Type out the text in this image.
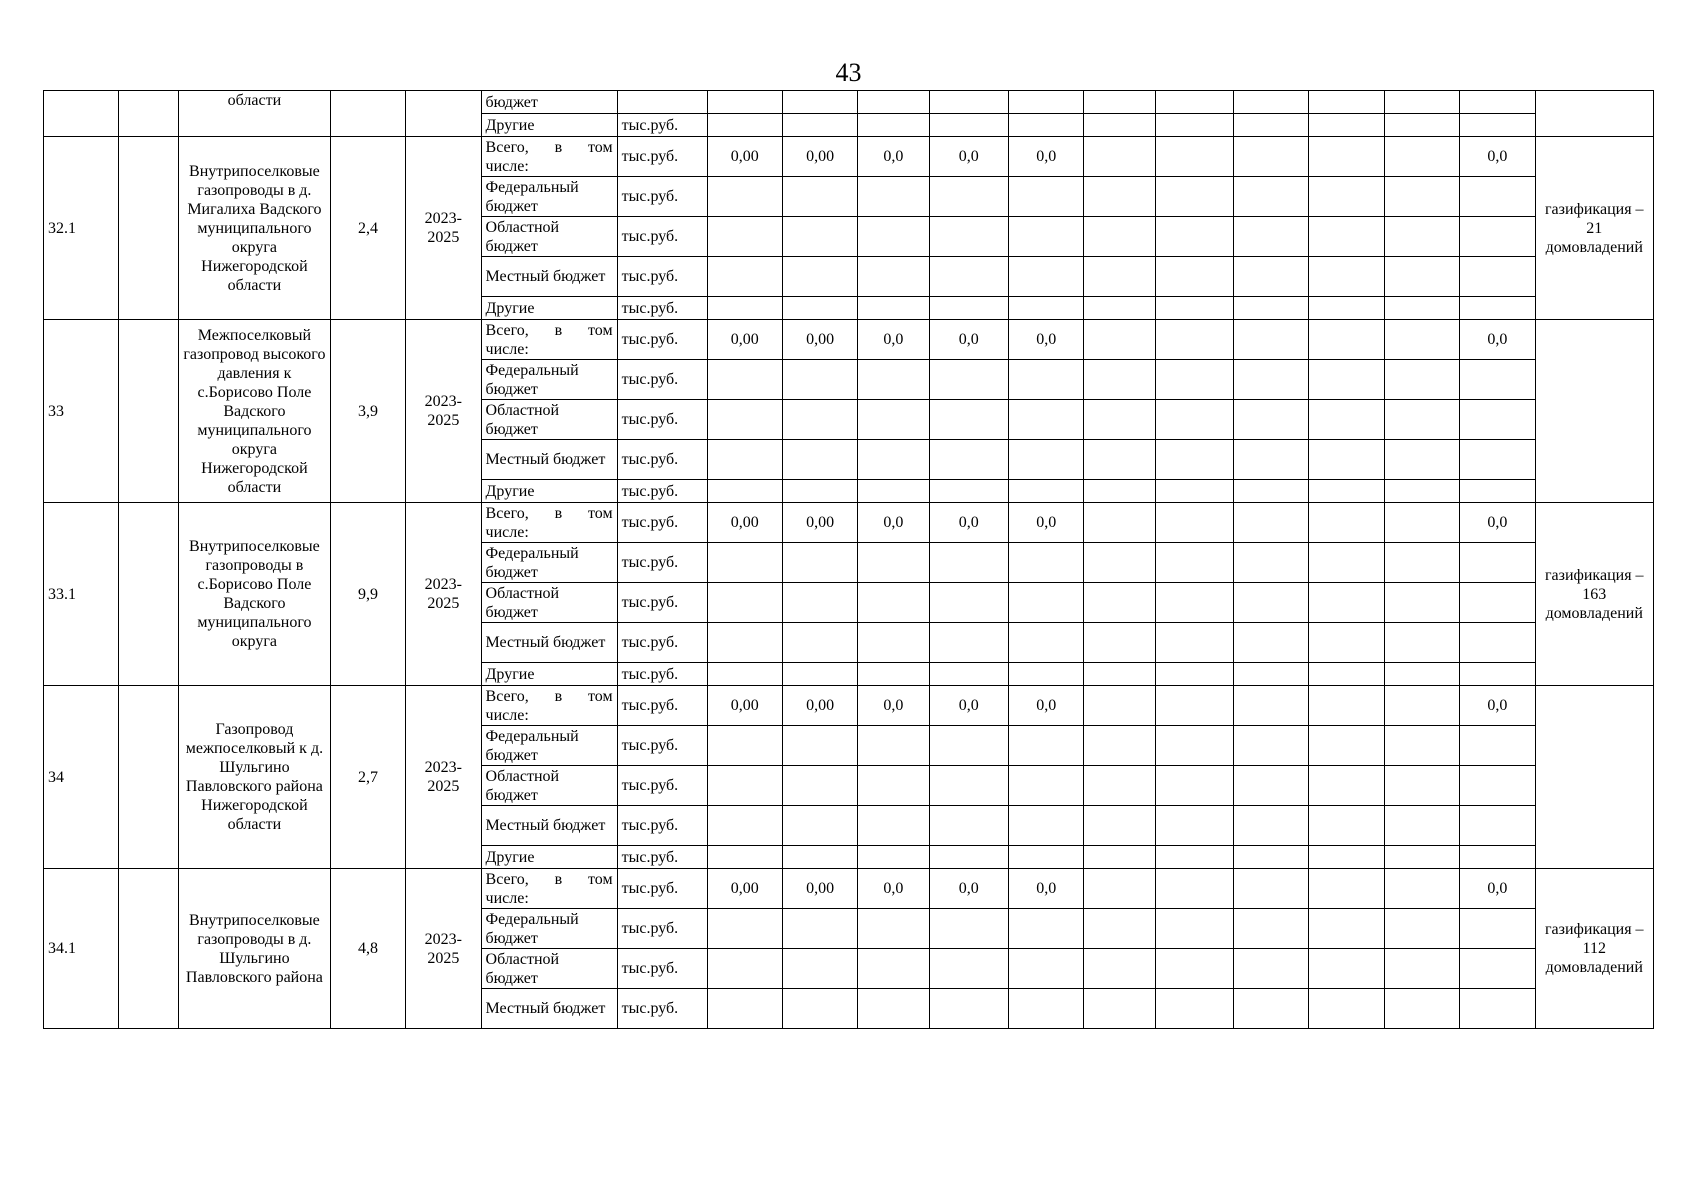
43
		области			бюджет													
					Другие	тыс.руб.												
32.1		Внутрипоселковые газопроводы в д. Мигалиха Вадского муниципального округа Нижегородской области	2,4	2023-2025	Всего, в том числе:	тыс.руб.	0,00	0,00	0,0	0,0	0,0						0,0	газификация – 21 домовладений
					Федеральный бюджет	тыс.руб.												
					Областной бюджет	тыс.руб.												
					Местный бюджет	тыс.руб.												
					Другие	тыс.руб.												
33		Межпоселковый газопровод высокого давления к с.Борисово Поле Вадского муниципального округа Нижегородской области	3,9	2023-2025	Всего, в том числе:	тыс.руб.	0,00	0,00	0,0	0,0	0,0						0,0	
					Федеральный бюджет	тыс.руб.												
					Областной бюджет	тыс.руб.												
					Местный бюджет	тыс.руб.												
					Другие	тыс.руб.												
33.1		Внутрипоселковые газопроводы в с.Борисово Поле Вадского муниципального округа	9,9	2023-2025	Всего, в том числе:	тыс.руб.	0,00	0,00	0,0	0,0	0,0						0,0	газификация – 163 домовладений
					Федеральный бюджет	тыс.руб.												
					Областной бюджет	тыс.руб.												
					Местный бюджет	тыс.руб.												
					Другие	тыс.руб.												
34		Газопровод межпоселковый к д. Шульгино Павловского района Нижегородской области	2,7	2023-2025	Всего, в том числе:	тыс.руб.	0,00	0,00	0,0	0,0	0,0						0,0	
					Федеральный бюджет	тыс.руб.												
					Областной бюджет	тыс.руб.												
					Местный бюджет	тыс.руб.												
					Другие	тыс.руб.												
34.1		Внутрипоселковые газопроводы в д. Шульгино Павловского района	4,8	2023-2025	Всего, в том числе:	тыс.руб.	0,00	0,00	0,0	0,0	0,0						0,0	газификация – 112 домовладений
					Федеральный бюджет	тыс.руб.												
					Областной бюджет	тыс.руб.												
					Местный бюджет	тыс.руб.												
